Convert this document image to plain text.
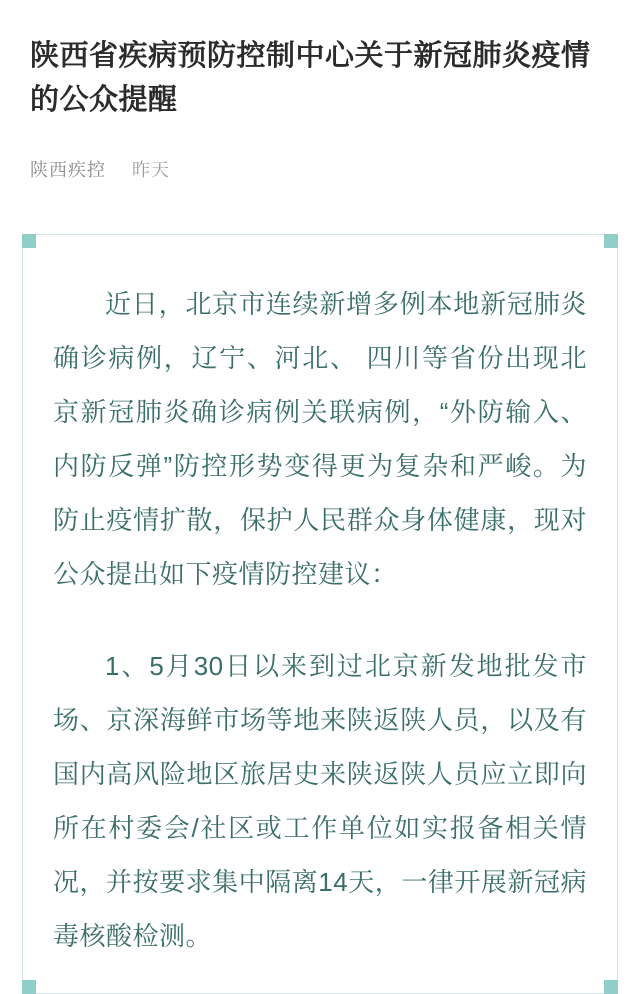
陕西省疾病预防控制中心关于新冠肺炎疫情的公众提醒
陕西疾控 昨天

近日，北京市连续新增多例本地新冠肺炎确诊病例，辽宁、河北、 四川等省份出现北京新冠肺炎确诊病例关联病例，“外防输入、 内防反弹”防控形势变得更为复杂和严峻。为防止疫情扩散，保护人民群众身体健康，现对公众提出如下疫情防控建议：

1、5月30日以来到过北京新发地批发市场、京深海鲜市场等地来陕返陕人员，以及有国内高风险地区旅居史来陕返陕人员应立即向所在村委会/社区或工作单位如实报备相关情况，并按要求集中隔离14天，一律开展新冠病毒核酸检测。
